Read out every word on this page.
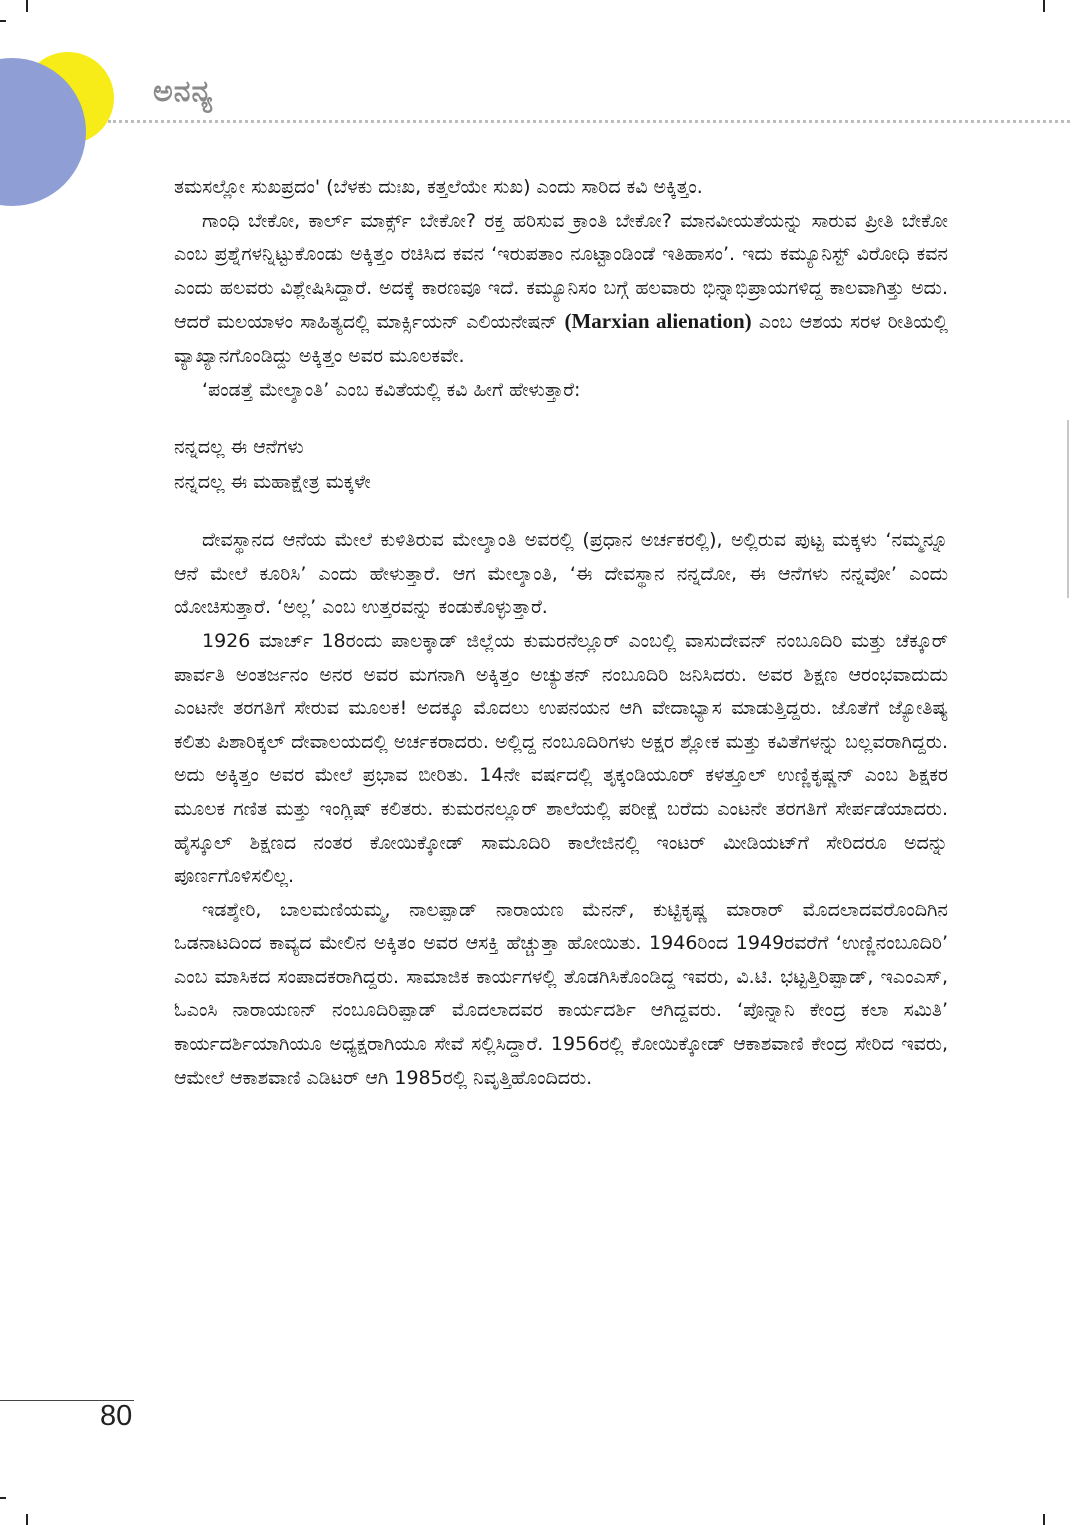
ಅನನ್ಯ

ತಮಸಲ್ಲೋ ಸುಖಪ್ರದಂ' (ಬೆಳಕು ದುಃಖ, ಕತ್ತಲೆಯೇ ಸುಖ) ಎಂದು ಸಾರಿದ ಕವಿ ಅಕ್ಕಿತ್ತಂ.

ಗಾಂಧಿ ಬೇಕೋ, ಕಾರ್ಲ್ ಮಾರ್ಕ್ಸ್ ಬೇಕೋ? ರಕ್ತ ಹರಿಸುವ ಕ್ರಾಂತಿ ಬೇಕೋ? ಮಾನವೀಯತೆಯನ್ನು ಸಾರುವ ಪ್ರೀತಿ ಬೇಕೋ ಎಂಬ ಪ್ರಶ್ನೆಗಳನ್ನಿಟ್ಟುಕೊಂಡು ಅಕ್ಕಿತ್ತಂ ರಚಿಸಿದ ಕವನ ‘ಇರುಪತಾಂ ನೂಟ್ಟಾಂಡಿಂಡೆ ಇತಿಹಾಸಂ’. ಇದು ಕಮ್ಯೂನಿಸ್ಟ್ ವಿರೋಧಿ ಕವನ ಎಂದು ಹಲವರು ವಿಶ್ಲೇಷಿಸಿದ್ದಾರೆ. ಅದಕ್ಕೆ ಕಾರಣವೂ ಇದೆ. ಕಮ್ಯೂನಿಸಂ ಬಗ್ಗೆ ಹಲವಾರು ಭಿನ್ನಾಭಿಪ್ರಾಯಗಳಿದ್ದ ಕಾಲವಾಗಿತ್ತು ಅದು. ಆದರೆ ಮಲಯಾಳಂ ಸಾಹಿತ್ಯದಲ್ಲಿ ಮಾರ್ಕ್ಸಿಯನ್ ಎಲಿಯನೇಷನ್ (Marxian alienation) ಎಂಬ ಆಶಯ ಸರಳ ರೀತಿಯಲ್ಲಿ ವ್ಯಾಖ್ಯಾನಗೊಂಡಿದ್ದು ಅಕ್ಕಿತ್ತಂ ಅವರ ಮೂಲಕವೇ.

‘ಪಂಡತ್ತೆ ಮೇಲ್ಶಾಂತಿ’ ಎಂಬ ಕವಿತೆಯಲ್ಲಿ ಕವಿ ಹೀಗೆ ಹೇಳುತ್ತಾರೆ:

ನನ್ನದಲ್ಲ ಈ ಆನೆಗಳು
ನನ್ನದಲ್ಲ ಈ ಮಹಾಕ್ಷೇತ್ರ ಮಕ್ಕಳೇ

ದೇವಸ್ಥಾನದ ಆನೆಯ ಮೇಲೆ ಕುಳಿತಿರುವ ಮೇಲ್ಶಾಂತಿ ಅವರಲ್ಲಿ (ಪ್ರಧಾನ ಅರ್ಚಕರಲ್ಲಿ), ಅಲ್ಲಿರುವ ಪುಟ್ಟ ಮಕ್ಕಳು ‘ನಮ್ಮನ್ನೂ ಆನೆ ಮೇಲೆ ಕೂರಿಸಿ’ ಎಂದು ಹೇಳುತ್ತಾರೆ. ಆಗ ಮೇಲ್ಶಾಂತಿ, ‘ಈ ದೇವಸ್ಥಾನ ನನ್ನದೋ, ಈ ಆನೆಗಳು ನನ್ನವೋ’ ಎಂದು ಯೋಚಿಸುತ್ತಾರೆ. ‘ಅಲ್ಲ’ ಎಂಬ ಉತ್ತರವನ್ನು ಕಂಡುಕೊಳ್ಳುತ್ತಾರೆ.

1926 ಮಾರ್ಚ್ 18ರಂದು ಪಾಲಕ್ಕಾಡ್ ಜಿಲ್ಲೆಯ ಕುಮರನೆಲ್ಲೂರ್ ಎಂಬಲ್ಲಿ ವಾಸುದೇವನ್ ನಂಬೂದಿರಿ ಮತ್ತು ಚೆಕ್ಕೂರ್ ಪಾರ್ವತಿ ಅಂತರ್ಜನಂ ಅನರ ಅವರ ಮಗನಾಗಿ ಅಕ್ಕಿತ್ತಂ ಅಚ್ಯುತನ್ ನಂಬೂದಿರಿ ಜನಿಸಿದರು. ಅವರ ಶಿಕ್ಷಣ ಆರಂಭವಾದುದು ಎಂಟನೇ ತರಗತಿಗೆ ಸೇರುವ ಮೂಲಕ! ಅದಕ್ಕೂ ಮೊದಲು ಉಪನಯನ ಆಗಿ ವೇದಾಭ್ಯಾಸ ಮಾಡುತ್ತಿದ್ದರು. ಜೊತೆಗೆ ಜ್ಯೋತಿಷ್ಯ ಕಲಿತು ಪಿಶಾರಿಕ್ಕಲ್ ದೇವಾಲಯದಲ್ಲಿ ಅರ್ಚಕರಾದರು. ಅಲ್ಲಿದ್ದ ನಂಬೂದಿರಿಗಳು ಅಕ್ಷರ ಶ್ಲೋಕ ಮತ್ತು ಕವಿತೆಗಳನ್ನು ಬಲ್ಲವರಾಗಿದ್ದರು. ಅದು ಅಕ್ಕಿತ್ತಂ ಅವರ ಮೇಲೆ ಪ್ರಭಾವ ಬೀರಿತು. 14ನೇ ವರ್ಷದಲ್ಲಿ ತೃಕ್ಕಂಡಿಯೂರ್ ಕಳತ್ತೂಲ್ ಉಣ್ಣಿಕೃಷ್ಣನ್ ಎಂಬ ಶಿಕ್ಷಕರ ಮೂಲಕ ಗಣಿತ ಮತ್ತು ಇಂಗ್ಲಿಷ್ ಕಲಿತರು. ಕುಮರನಲ್ಲೂರ್ ಶಾಲೆಯಲ್ಲಿ ಪರೀಕ್ಷೆ ಬರೆದು ಎಂಟನೇ ತರಗತಿಗೆ ಸೇರ್ಪಡೆಯಾದರು. ಹೈಸ್ಕೂಲ್ ಶಿಕ್ಷಣದ ನಂತರ ಕೋಯಿಕ್ಕೋಡ್ ಸಾಮೂದಿರಿ ಕಾಲೇಜಿನಲ್ಲಿ ಇಂಟರ್ ಮೀಡಿಯಟ್‌ಗೆ ಸೇರಿದರೂ ಅದನ್ನು ಪೂರ್ಣಗೊಳಿಸಲಿಲ್ಲ.

ಇಡಶ್ಶೇರಿ, ಬಾಲಮಣಿಯಮ್ಮ, ನಾಲಪ್ಪಾಡ್ ನಾರಾಯಣ ಮೆನನ್, ಕುಟ್ಟಿಕೃಷ್ಣ ಮಾರಾರ್ ಮೊದಲಾದವರೊಂದಿಗಿನ ಒಡನಾಟದಿಂದ ಕಾವ್ಯದ ಮೇಲಿನ ಅಕ್ಕಿತಂ ಅವರ ಆಸಕ್ತಿ ಹೆಚ್ಚುತ್ತಾ ಹೋಯಿತು. 1946ರಿಂದ 1949ರವರೆಗೆ ‘ಉಣ್ಣಿನಂಬೂದಿರಿ’ ಎಂಬ ಮಾಸಿಕದ ಸಂಪಾದಕರಾಗಿದ್ದರು. ಸಾಮಾಜಿಕ ಕಾರ್ಯಗಳಲ್ಲಿ ತೊಡಗಿಸಿಕೊಂಡಿದ್ದ ಇವರು, ವಿ.ಟಿ. ಭಟ್ಟತ್ತಿರಿಪ್ಪಾಡ್, ಇಎಂಎಸ್, ಓಎಂಸಿ ನಾರಾಯಣನ್ ನಂಬೂದಿರಿಪ್ಪಾಡ್ ಮೊದಲಾದವರ ಕಾರ್ಯದರ್ಶಿ ಆಗಿದ್ದವರು. ‘ಪೊನ್ನಾನಿ ಕೇಂದ್ರ ಕಲಾ ಸಮಿತಿ’ ಕಾರ್ಯದರ್ಶಿಯಾಗಿಯೂ ಅಧ್ಯಕ್ಷರಾಗಿಯೂ ಸೇವೆ ಸಲ್ಲಿಸಿದ್ದಾರೆ. 1956ರಲ್ಲಿ ಕೋಯಿಕ್ಕೋಡ್ ಆಕಾಶವಾಣಿ ಕೇಂದ್ರ ಸೇರಿದ ಇವರು, ಆಮೇಲೆ ಆಕಾಶವಾಣಿ ಎಡಿಟರ್ ಆಗಿ 1985ರಲ್ಲಿ ನಿವೃತ್ತಿಹೊಂದಿದರು.

80
